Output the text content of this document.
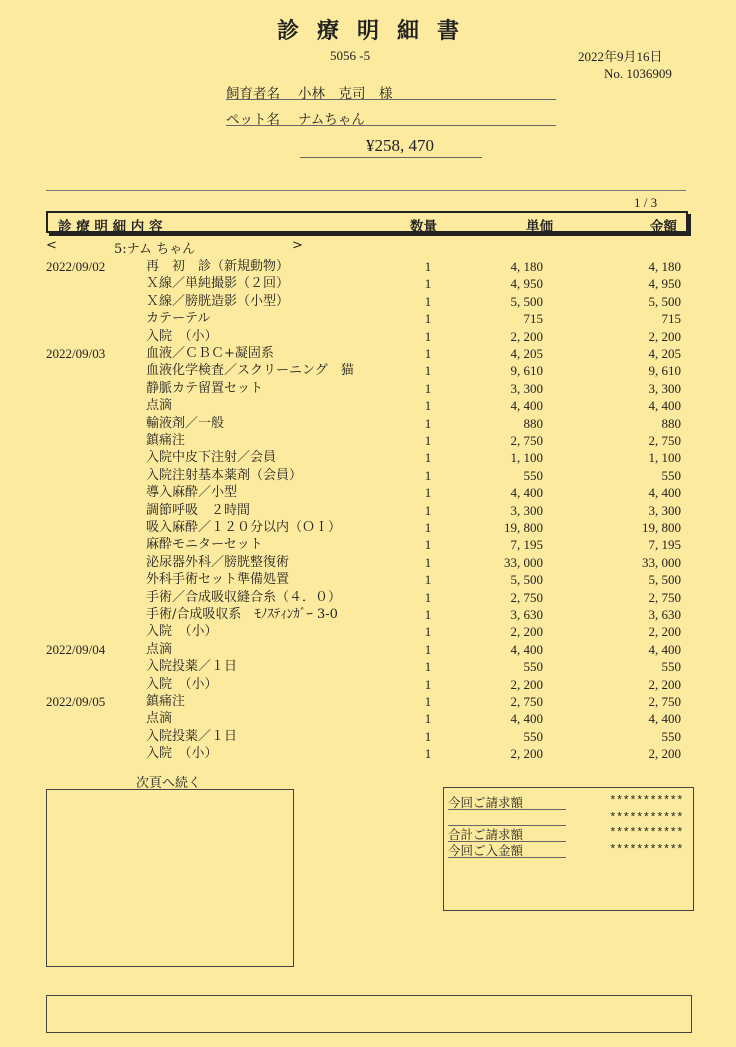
診療明細書
5056 -5	2022年9月16日
No. 1036909
飼育者名 小林　克司　様
ペット名 ナムちゃん
¥258, 470
1 / 3
診 療 明 細 内 容	数量	単価	金額
<	5:ナム ちゃん	>
2022/09/02	再　初　診（新規動物）	1	4, 180	4, 180
Ｘ線／単純撮影（２回）	1	4, 950	4, 950
Ｘ線／膀胱造影（小型）	1	5, 500	5, 500
カテーテル	1	715	715
入院　（小）	1	2, 200	2, 200
2022/09/03	血液／ＣＢＣ+凝固系	1	4, 205	4, 205
血液化学検査／スクリーニング　猫	1	9, 610	9, 610
静脈カテ留置セット	1	3, 300	3, 300
点滴	1	4, 400	4, 400
輸液剤／一般	1	880	880
鎮痛注	1	2, 750	2, 750
入院中皮下注射／会員	1	1, 100	1, 100
入院注射基本薬剤（会員）	1	550	550
導入麻酔／小型	1	4, 400	4, 400
調節呼吸　２時間	1	3, 300	3, 300
吸入麻酔／１２０分以内（ＯＩ）	1	19, 800	19, 800
麻酔モニターセット	1	7, 195	7, 195
泌尿器外科／膀胱整復術	1	33, 000	33, 000
外科手術セット準備処置	1	5, 500	5, 500
手術／合成吸収縫合糸（４．０）	1	2, 750	2, 750
手術/合成吸収系　ﾓﾉｽﾃｨﾝｶﾞｰ 3-0	1	3, 630	3, 630
入院　（小）	1	2, 200	2, 200
2022/09/04	点滴	1	4, 400	4, 400
入院投薬／１日	1	550	550
入院　（小）	1	2, 200	2, 200
2022/09/05	鎮痛注	1	2, 750	2, 750
点滴	1	4, 400	4, 400
入院投薬／１日	1	550	550
入院　（小）	1	2, 200	2, 200
次頁へ続く
今回ご請求額	***********
***********
合計ご請求額	***********
今回ご入金額	***********
